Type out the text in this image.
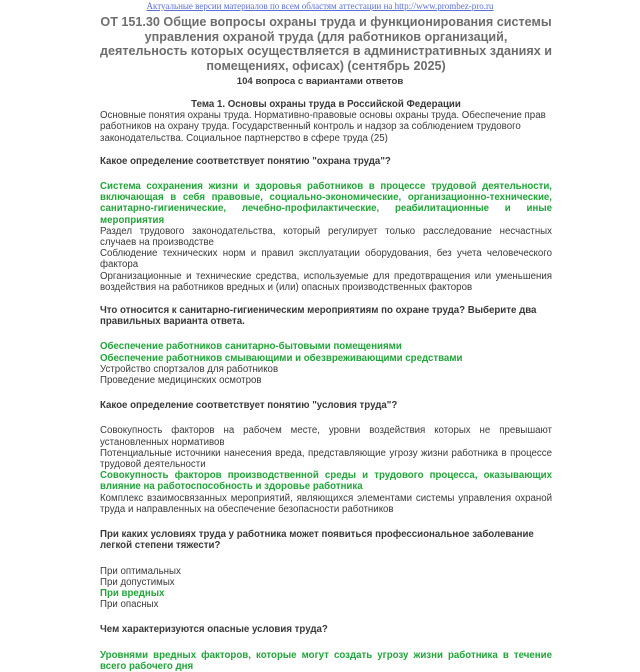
Актуальные версии материалов по всем областям аттестации на http://www.prombez-pro.ru
ОТ 151.30 Общие вопросы охраны труда и функционирования системы управления охраной труда (для работников организаций, деятельность которых осуществляется в административных зданиях и помещениях, офисах) (сентябрь 2025)
104 вопроса с вариантами ответов
Тема 1. Основы охраны труда в Российской Федерации
Основные понятия охраны труда. Нормативно-правовые основы охраны труда. Обеспечение прав работников на охрану труда. Государственный контроль и надзор за соблюдением трудового законодательства. Социальное партнерство в сфере труда (25)
Какое определение соответствует понятию "охрана труда"?
Система сохранения жизни и здоровья работников в процессе трудовой деятельности, включающая в себя правовые, социально-экономические, организационно-технические, санитарно-гигиенические, лечебно-профилактические, реабилитационные и иные мероприятия
Раздел трудового законодательства, который регулирует только расследование несчастных случаев на производстве
Соблюдение технических норм и правил эксплуатации оборудования, без учета человеческого фактора
Организационные и технические средства, используемые для предотвращения или уменьшения воздействия на работников вредных и (или) опасных производственных факторов
Что относится к санитарно-гигиеническим мероприятиям по охране труда? Выберите два правильных варианта ответа.
Обеспечение работников санитарно-бытовыми помещениями
Обеспечение работников смывающими и обезвреживающими средствами
Устройство спортзалов для работников
Проведение медицинских осмотров
Какое определение соответствует понятию "условия труда"?
Совокупность факторов на рабочем месте, уровни воздействия которых не превышают установленных нормативов
Потенциальные источники нанесения вреда, представляющие угрозу жизни работника в процессе трудовой деятельности
Совокупность факторов производственной среды и трудового процесса, оказывающих влияние на работоспособность и здоровье работника
Комплекс взаимосвязанных мероприятий, являющихся элементами системы управления охраной труда и направленных на обеспечение безопасности работников
При каких условиях труда у работника может появиться профессиональное заболевание легкой степени тяжести?
При оптимальных
При допустимых
При вредных
При опасных
Чем характеризуются опасные условия труда?
Уровнями вредных факторов, которые могут создать угрозу жизни работника в течение всего рабочего дня
